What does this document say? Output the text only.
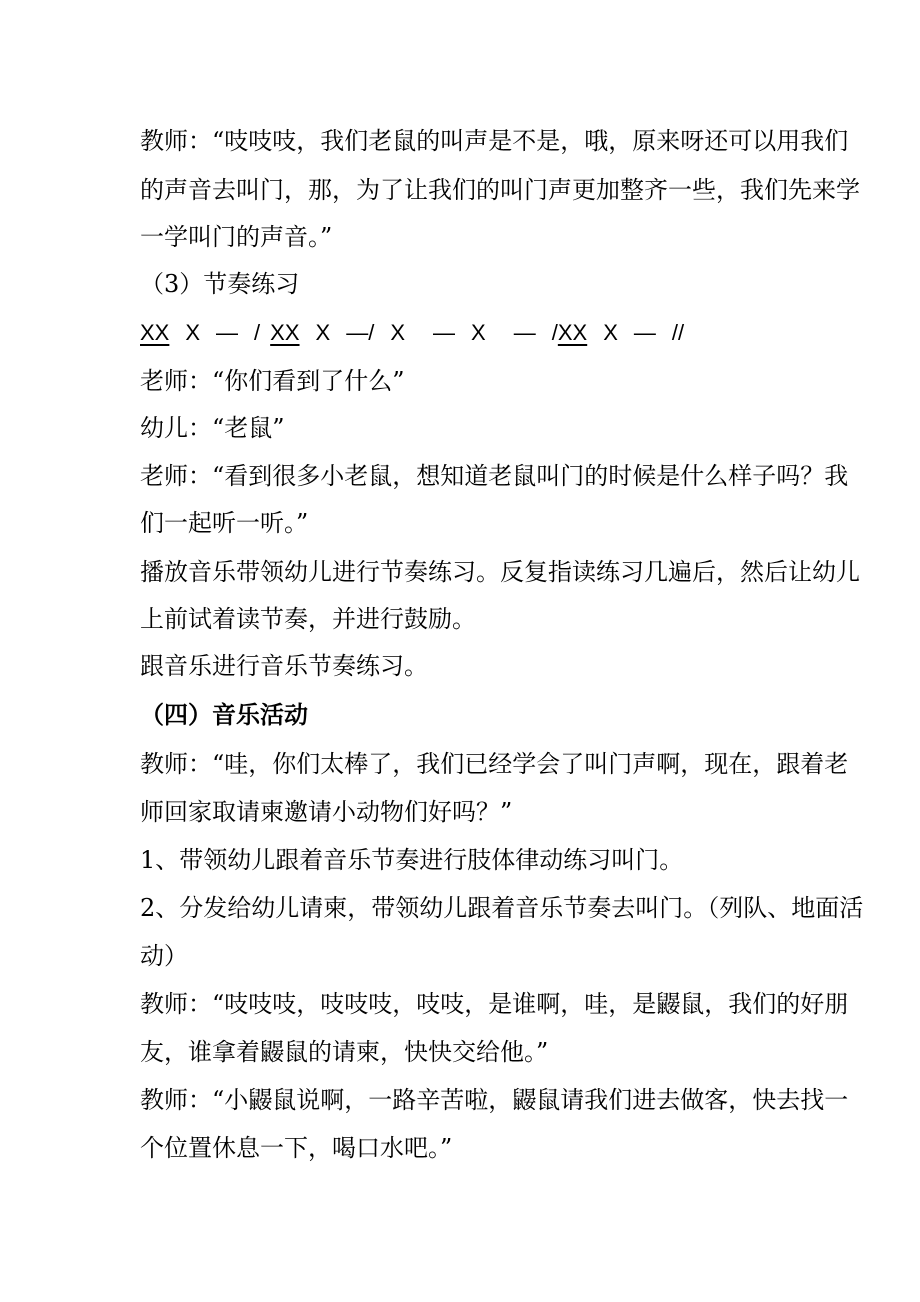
教师：“吱吱吱，我们老鼠的叫声是不是，哦，原来呀还可以用我们
的声音去叫门，那，为了让我们的叫门声更加整齐一些，我们先来学
一学叫门的声音。”
（3）节奏练习
XX X — / XX X —/ X — X — /XX X — //
老师：“你们看到了什么”
幼儿：“老鼠”
老师：“看到很多小老鼠，想知道老鼠叫门的时候是什么样子吗？我
们一起听一听。”
播放音乐带领幼儿进行节奏练习。反复指读练习几遍后，然后让幼儿
上前试着读节奏，并进行鼓励。
跟音乐进行音乐节奏练习。
（四）音乐活动
教师：“哇，你们太棒了，我们已经学会了叫门声啊，现在，跟着老
师回家取请柬邀请小动物们好吗？”
1、带领幼儿跟着音乐节奏进行肢体律动练习叫门。
2、分发给幼儿请柬，带领幼儿跟着音乐节奏去叫门。（列队、地面活
动）
教师：“吱吱吱，吱吱吱，吱吱，是谁啊，哇，是鼹鼠，我们的好朋
友，谁拿着鼹鼠的请柬，快快交给他。”
教师：“小鼹鼠说啊，一路辛苦啦，鼹鼠请我们进去做客，快去找一
个位置休息一下，喝口水吧。”
